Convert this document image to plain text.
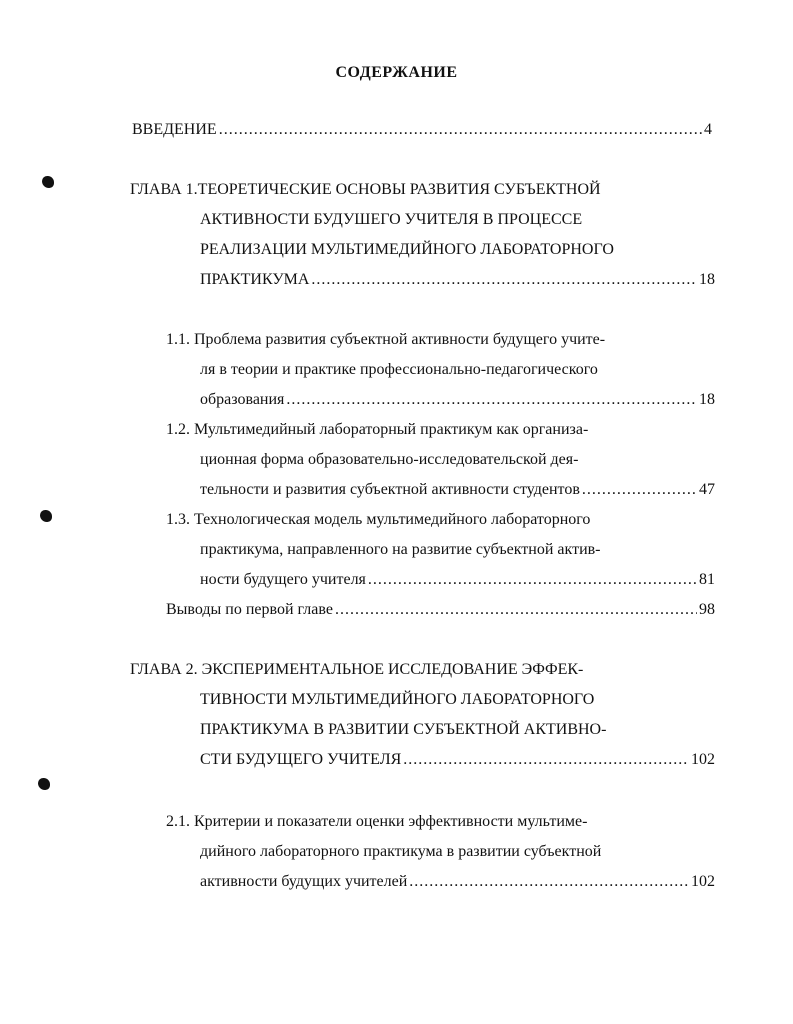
СОДЕРЖАНИЕ
ВВЕДЕНИЕ .....	4
ГЛАВА 1.ТЕОРЕТИЧЕСКИЕ ОСНОВЫ РАЗВИТИЯ СУБЪЕКТНОЙ
АКТИВНОСТИ БУДУШЕГО УЧИТЕЛЯ В ПРОЦЕССЕ
РЕАЛИЗАЦИИ МУЛЬТИМЕДИЙНОГО ЛАБОРАТОРНОГО
ПРАКТИКУМА .....	18
1.1. Проблема развития субъектной активности будущего учите-
ля в теории и практике профессионально-педагогического
образования .....	18
1.2. Мультимедийный лабораторный практикум как организа-
ционная форма образовательно-исследовательской дея-
тельности и развития субъектной активности студентов .....	47
1.3. Технологическая модель мультимедийного лабораторного
практикума, направленного на развитие субъектной актив-
ности будущего учителя .....	81
Выводы по первой главе .....	98
ГЛАВА 2. ЭКСПЕРИМЕНТАЛЬНОЕ ИССЛЕДОВАНИЕ ЭФФЕК-
ТИВНОСТИ МУЛЬТИМЕДИЙНОГО ЛАБОРАТОРНОГО
ПРАКТИКУМА В РАЗВИТИИ СУБЪЕКТНОЙ АКТИВНО-
СТИ БУДУЩЕГО УЧИТЕЛЯ .....	102
2.1. Критерии и показатели оценки эффективности мультиме-
дийного лабораторного практикума в развитии субъектной
активности будущих учителей .....	102
